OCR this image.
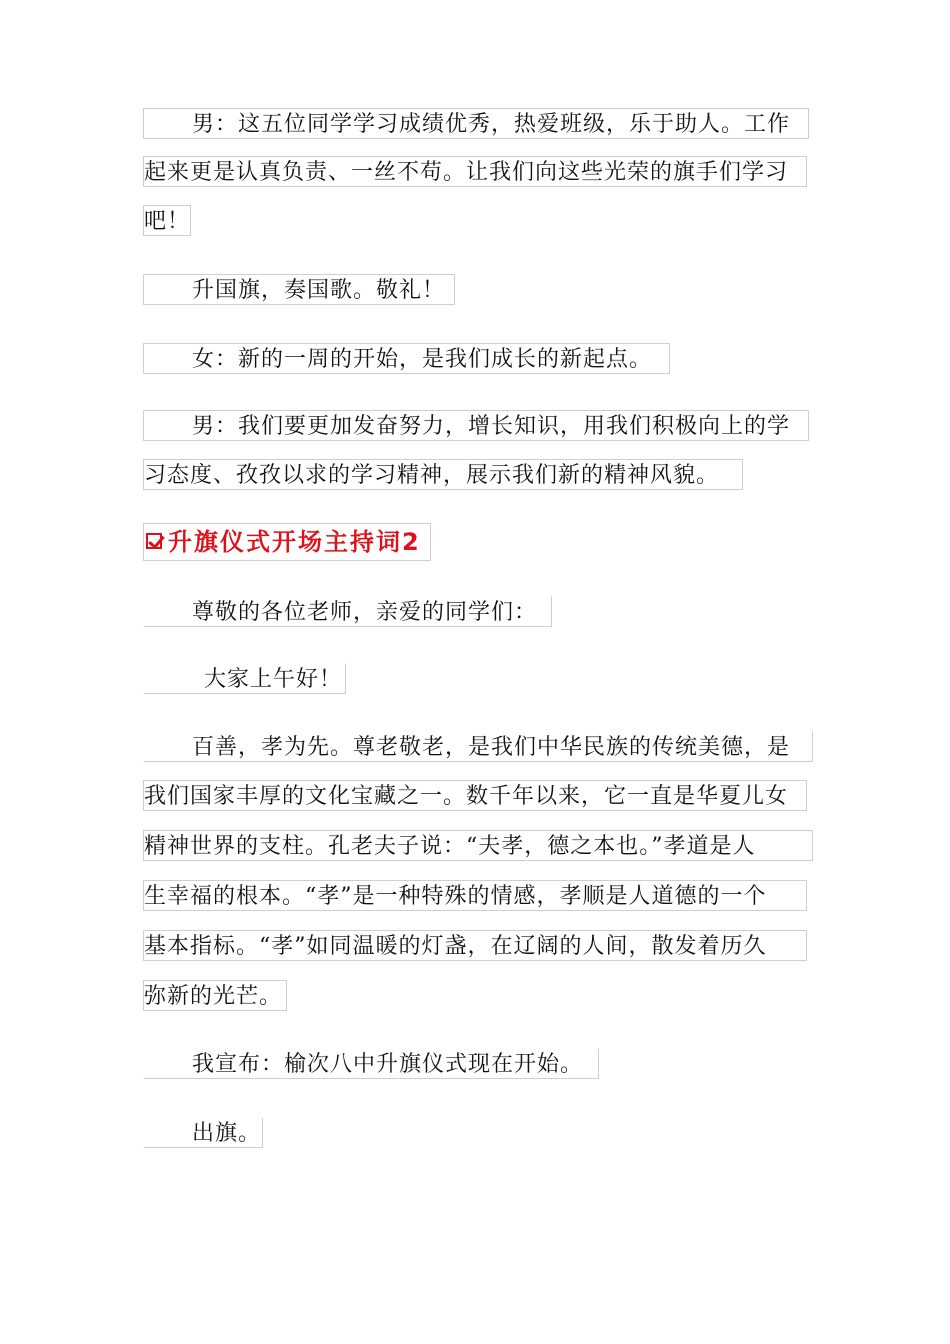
男：这五位同学学习成绩优秀，热爱班级，乐于助人。工作
起来更是认真负责、一丝不苟。让我们向这些光荣的旗手们学习
吧！
升国旗，奏国歌。敬礼！
女：新的一周的开始，是我们成长的新起点。
男：我们要更加发奋努力，增长知识，用我们积极向上的学
习态度、孜孜以求的学习精神，展示我们新的精神风貌。
升旗仪式开场主持词2
尊敬的各位老师，亲爱的同学们：
大家上午好！
百善，孝为先。尊老敬老，是我们中华民族的传统美德，是
我们国家丰厚的文化宝藏之一。数千年以来，它一直是华夏儿女
精神世界的支柱。孔老夫子说：“夫孝，德之本也。”孝道是人
生幸福的根本。“孝”是一种特殊的情感，孝顺是人道德的一个
基本指标。“孝”如同温暖的灯盏，在辽阔的人间，散发着历久
弥新的光芒。
我宣布：榆次八中升旗仪式现在开始。
出旗。
